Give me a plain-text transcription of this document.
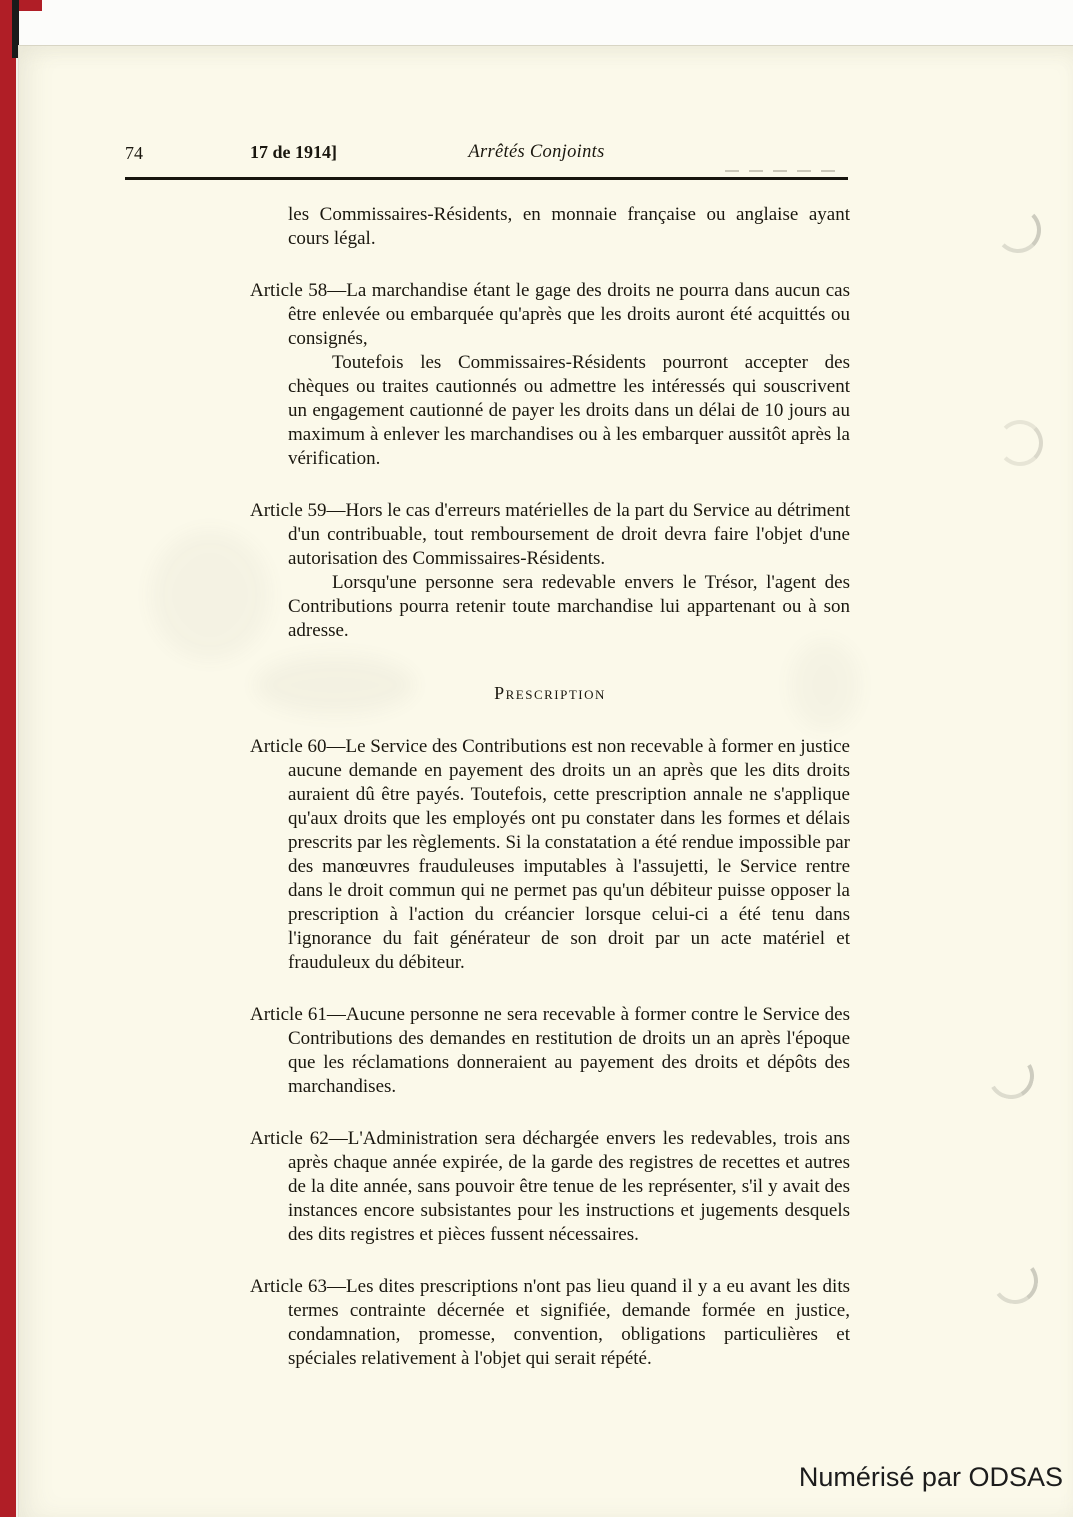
74	17 de 1914]	Arrêtés Conjoints

les Commissaires-Résidents, en monnaie française ou anglaise ayant cours légal.

Article 58—La marchandise étant le gage des droits ne pourra dans aucun cas être enlevée ou embarquée qu'après que les droits auront été acquittés ou consignés,

Toutefois les Commissaires-Résidents pourront accepter des chèques ou traites cautionnés ou admettre les intéressés qui souscrivent un engagement cautionné de payer les droits dans un délai de 10 jours au maximum à enlever les marchandises ou à les embarquer aussitôt après la vérification.

Article 59—Hors le cas d'erreurs matérielles de la part du Service au détriment d'un contribuable, tout remboursement de droit devra faire l'objet d'une autorisation des Commissaires-Résidents.

Lorsqu'une personne sera redevable envers le Trésor, l'agent des Contributions pourra retenir toute marchandise lui appartenant ou à son adresse.

Prescription

Article 60—Le Service des Contributions est non recevable à former en justice aucune demande en payement des droits un an après que les dits droits auraient dû être payés. Toutefois, cette prescription annale ne s'applique qu'aux droits que les employés ont pu constater dans les formes et délais prescrits par les règlements. Si la constatation a été rendue impossible par des manœuvres frauduleuses imputables à l'assujetti, le Service rentre dans le droit commun qui ne permet pas qu'un débiteur puisse opposer la prescription à l'action du créancier lorsque celui-ci a été tenu dans l'ignorance du fait générateur de son droit par un acte matériel et frauduleux du débiteur.

Article 61—Aucune personne ne sera recevable à former contre le Service des Contributions des demandes en restitution de droits un an après l'époque que les réclamations donneraient au payement des droits et dépôts des marchandises.

Article 62—L'Administration sera déchargée envers les redevables, trois ans après chaque année expirée, de la garde des registres de recettes et autres de la dite année, sans pouvoir être tenue de les représenter, s'il y avait des instances encore subsistantes pour les instructions et jugements desquels des dits registres et pièces fussent nécessaires.

Article 63—Les dites prescriptions n'ont pas lieu quand il y a eu avant les dits termes contrainte décernée et signifiée, demande formée en justice, condamnation, promesse, convention, obligations particulières et spéciales relativement à l'objet qui serait répété.

Numérisé par ODSAS
